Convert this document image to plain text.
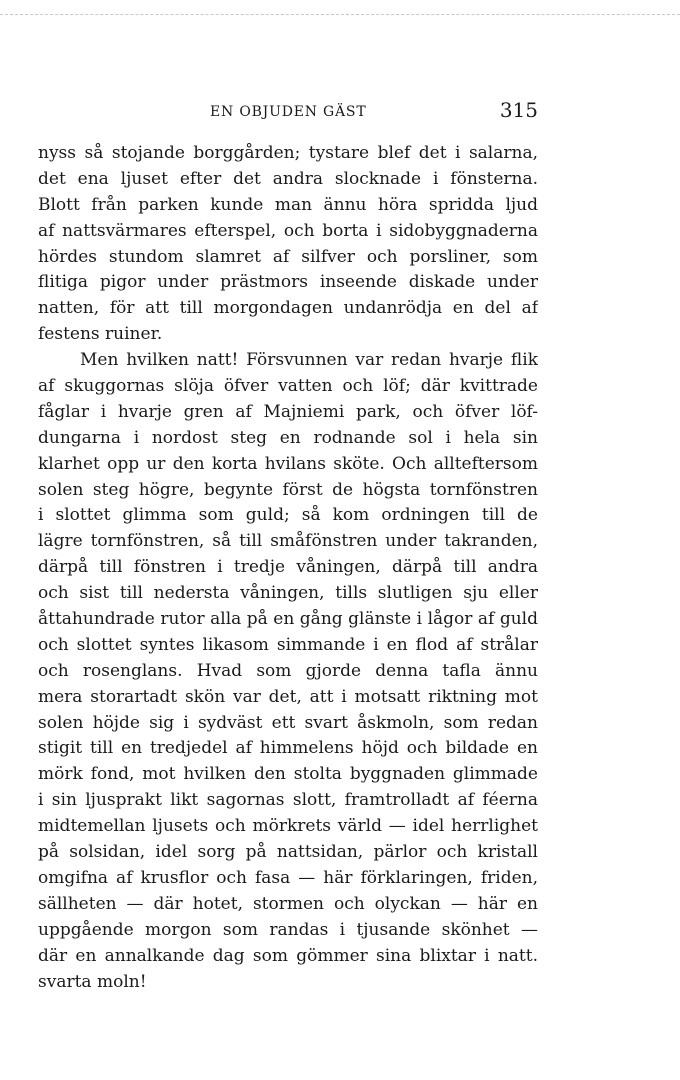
EN OBJUDEN GÄST	315
nyss så stojande borggården; tystare blef det i salarna,
det ena ljuset efter det andra slocknade i fönsterna.
Blott från parken kunde man ännu höra spridda ljud
af nattsvärmares efterspel, och borta i sidobyggnaderna
hördes stundom slamret af silfver och porsliner, som
flitiga pigor under prästmors inseende diskade under
natten, för att till morgondagen undanrödja en del af
festens ruiner.
Men hvilken natt! Försvunnen var redan hvarje flik
af skuggornas slöja öfver vatten och löf; där kvittrade
fåglar i hvarje gren af Majniemi park, och öfver löf-
dungarna i nordost steg en rodnande sol i hela sin
klarhet opp ur den korta hvilans sköte. Och allteftersom
solen steg högre, begynte först de högsta tornfönstren
i slottet glimma som guld; så kom ordningen till de
lägre tornfönstren, så till småfönstren under takranden,
därpå till fönstren i tredje våningen, därpå till andra
och sist till nedersta våningen, tills slutligen sju eller
åttahundrade rutor alla på en gång glänste i lågor af guld
och slottet syntes likasom simmande i en flod af strålar
och rosenglans. Hvad som gjorde denna tafla ännu
mera storartadt skön var det, att i motsatt riktning mot
solen höjde sig i sydväst ett svart åskmoln, som redan
stigit till en tredjedel af himmelens höjd och bildade en
mörk fond, mot hvilken den stolta byggnaden glimmade
i sin ljusprakt likt sagornas slott, framtrolladt af féerna
midtemellan ljusets och mörkrets värld — idel herrlighet
på solsidan, idel sorg på nattsidan, pärlor och kristall
omgifna af krusflor och fasa — här förklaringen, friden,
sällheten — där hotet, stormen och olyckan — här en
uppgående morgon som randas i tjusande skönhet —
där en annalkande dag som gömmer sina blixtar i natt.
svarta moln!
